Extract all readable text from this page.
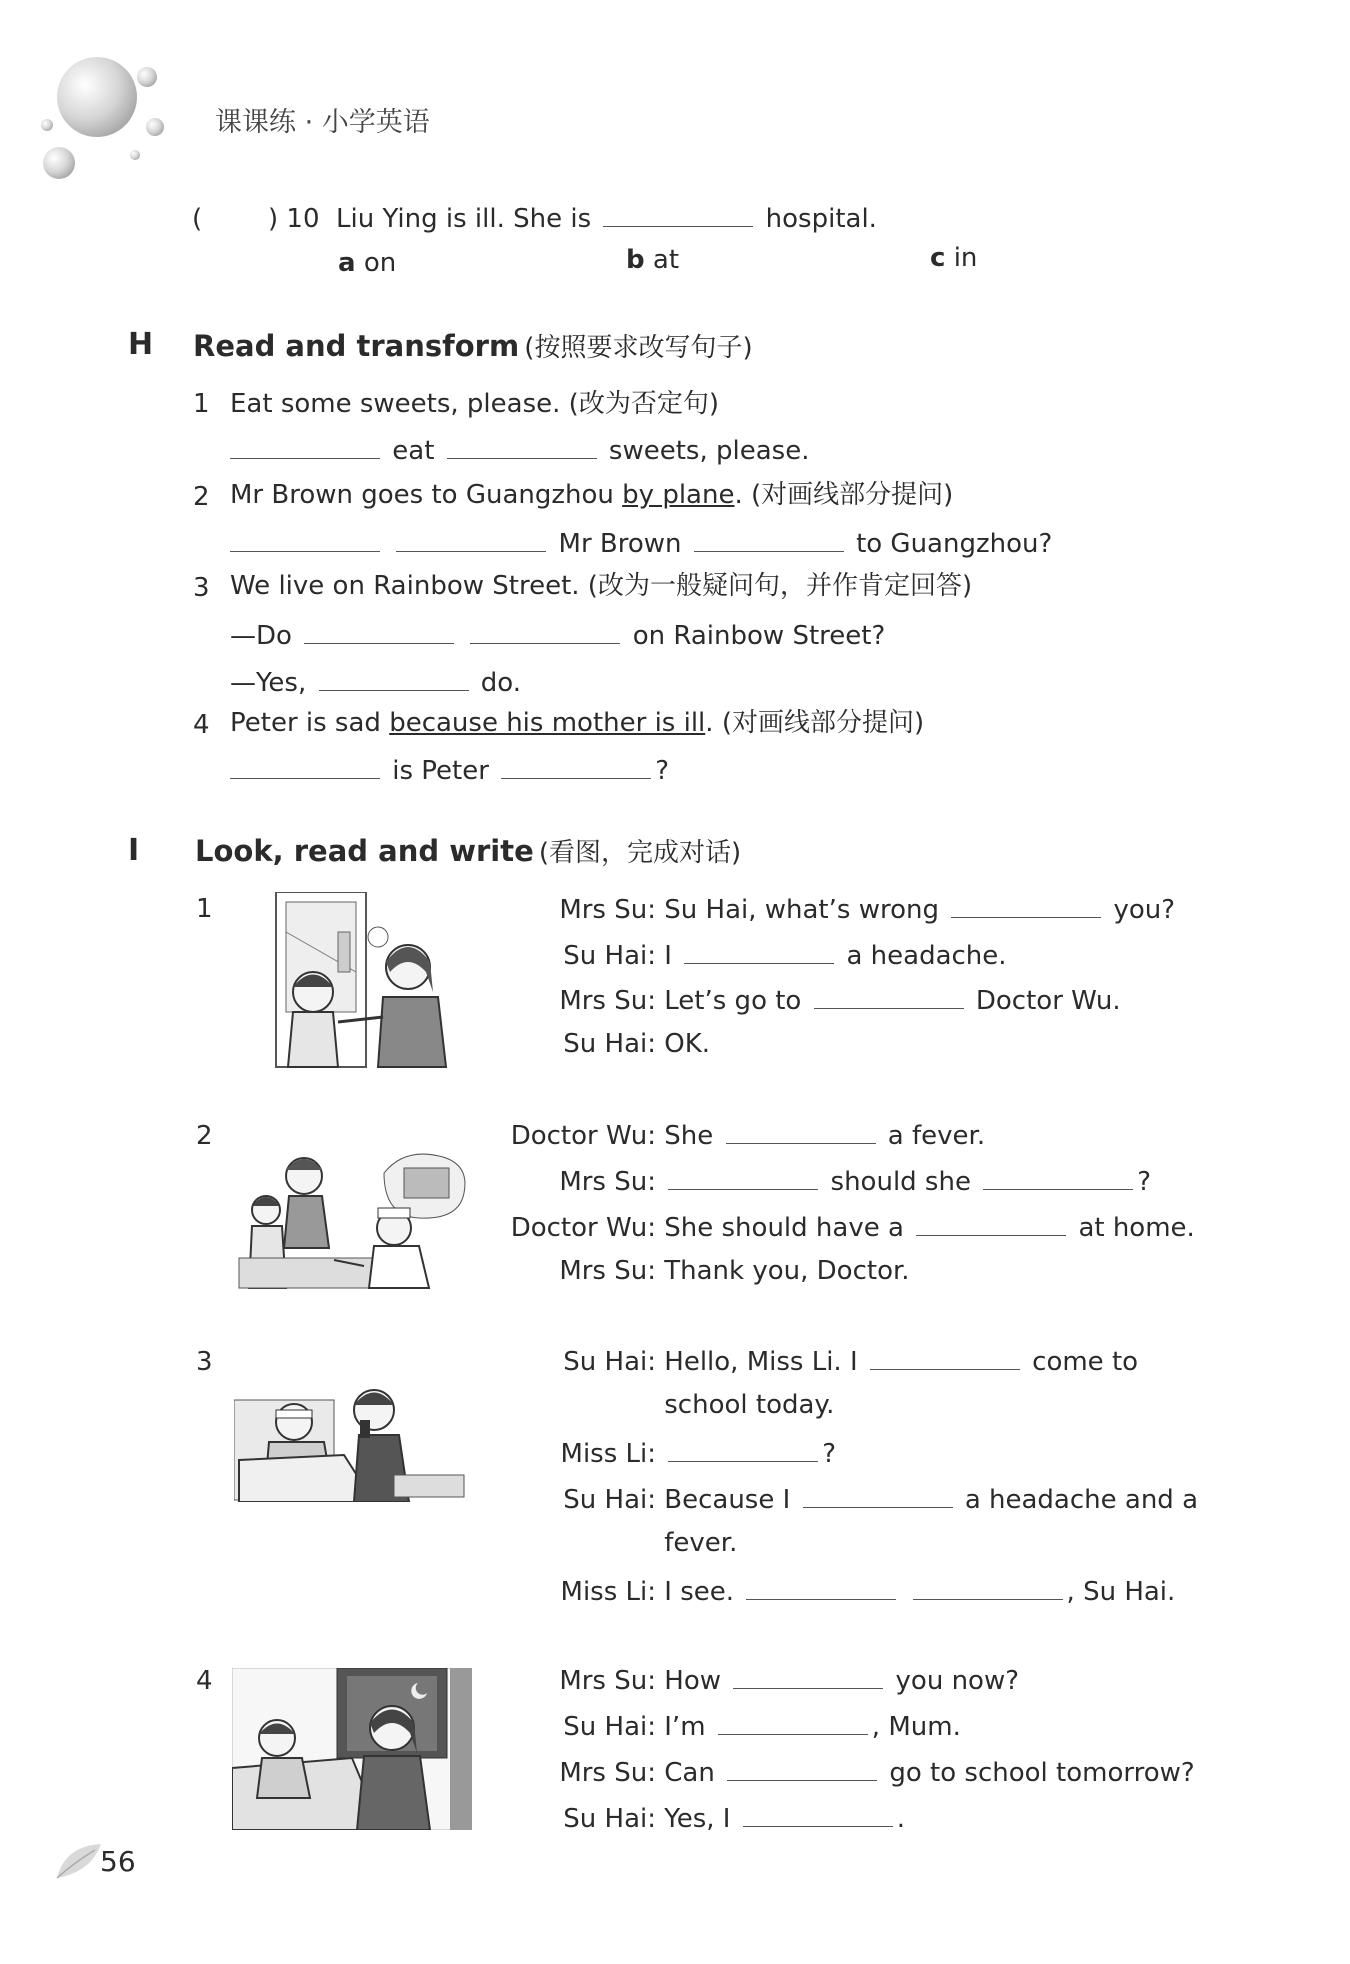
课课练 · 小学英语
(	) 10 Liu Ying is ill. She is	hospital.
a on	b at	c in
H Read and transform (按照要求改写句子)
1 Eat some sweets, please. (改为否定句)
eat	sweets, please.
2 Mr Brown goes to Guangzhou by plane. (对画线部分提问)
Mr Brown	to Guangzhou?
3 We live on Rainbow Street. (改为一般疑问句，并作肯定回答)
—Do	on Rainbow Street?
—Yes,	do.
4 Peter is sad because his mother is ill. (对画线部分提问)
is Peter	?
I Look, read and write (看图，完成对话)
1	Mrs Su: Su Hai, what’s wrong	you?
Su Hai: I	a headache.
Mrs Su: Let’s go to	Doctor Wu.
Su Hai: OK.
2	Doctor Wu: She	a fever.
Mrs Su:	should she	?
Doctor Wu: She should have a	at home.
Mrs Su: Thank you, Doctor.
3	Su Hai: Hello, Miss Li. I	come to
school today.
Miss Li:	?
Su Hai: Because I	a headache and a
fever.
Miss Li: I see.	, Su Hai.
4	Mrs Su: How	you now?
Su Hai: I’m	, Mum.
Mrs Su: Can	go to school tomorrow?
Su Hai: Yes, I	.
56
